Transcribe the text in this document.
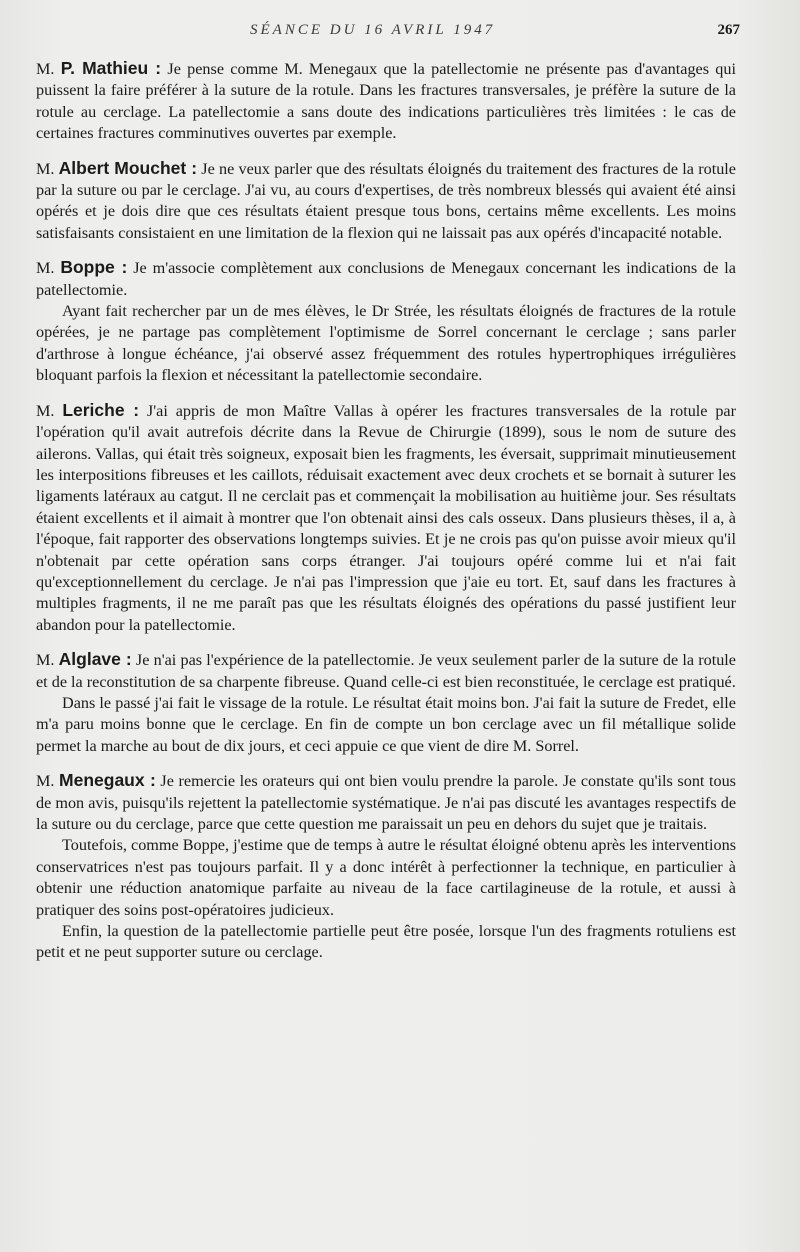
SÉANCE DU 16 AVRIL 1947	267

M. P. Mathieu : Je pense comme M. Menegaux que la patellectomie ne présente pas d'avantages qui puissent la faire préférer à la suture de la rotule. Dans les fractures transversales, je préfère la suture de la rotule au cerclage. La patellectomie a sans doute des indications particulières très limitées : le cas de certaines fractures comminutives ouvertes par exemple.

M. Albert Mouchet : Je ne veux parler que des résultats éloignés du traitement des fractures de la rotule par la suture ou par le cerclage. J'ai vu, au cours d'expertises, de très nombreux blessés qui avaient été ainsi opérés et je dois dire que ces résultats étaient presque tous bons, certains même excellents. Les moins satisfaisants consistaient en une limitation de la flexion qui ne laissait pas aux opérés d'incapacité notable.

M. Boppe : Je m'associe complètement aux conclusions de Menegaux concernant les indications de la patellectomie.

Ayant fait rechercher par un de mes élèves, le Dr Strée, les résultats éloignés de fractures de la rotule opérées, je ne partage pas complètement l'optimisme de Sorrel concernant le cerclage ; sans parler d'arthrose à longue échéance, j'ai observé assez fréquemment des rotules hypertrophiques irrégulières bloquant parfois la flexion et nécessitant la patellectomie secondaire.

M. Leriche : J'ai appris de mon Maître Vallas à opérer les fractures transversales de la rotule par l'opération qu'il avait autrefois décrite dans la Revue de Chirurgie (1899), sous le nom de suture des ailerons. Vallas, qui était très soigneux, exposait bien les fragments, les éversait, supprimait minutieusement les interpositions fibreuses et les caillots, réduisait exactement avec deux crochets et se bornait à suturer les ligaments latéraux au catgut. Il ne cerclait pas et commençait la mobilisation au huitième jour. Ses résultats étaient excellents et il aimait à montrer que l'on obtenait ainsi des cals osseux. Dans plusieurs thèses, il a, à l'époque, fait rapporter des observations longtemps suivies. Et je ne crois pas qu'on puisse avoir mieux qu'il n'obtenait par cette opération sans corps étranger. J'ai toujours opéré comme lui et n'ai fait qu'exceptionnellement du cerclage. Je n'ai pas l'impression que j'aie eu tort. Et, sauf dans les fractures à multiples fragments, il ne me paraît pas que les résultats éloignés des opérations du passé justifient leur abandon pour la patellectomie.

M. Alglave : Je n'ai pas l'expérience de la patellectomie. Je veux seulement parler de la suture de la rotule et de la reconstitution de sa charpente fibreuse. Quand celle-ci est bien reconstituée, le cerclage est pratiqué.

Dans le passé j'ai fait le vissage de la rotule. Le résultat était moins bon. J'ai fait la suture de Fredet, elle m'a paru moins bonne que le cerclage. En fin de compte un bon cerclage avec un fil métallique solide permet la marche au bout de dix jours, et ceci appuie ce que vient de dire M. Sorrel.

M. Menegaux : Je remercie les orateurs qui ont bien voulu prendre la parole. Je constate qu'ils sont tous de mon avis, puisqu'ils rejettent la patellectomie systématique. Je n'ai pas discuté les avantages respectifs de la suture ou du cerclage, parce que cette question me paraissait un peu en dehors du sujet que je traitais.

Toutefois, comme Boppe, j'estime que de temps à autre le résultat éloigné obtenu après les interventions conservatrices n'est pas toujours parfait. Il y a donc intérêt à perfectionner la technique, en particulier à obtenir une réduction anatomique parfaite au niveau de la face cartilagineuse de la rotule, et aussi à pratiquer des soins post-opératoires judicieux.

Enfin, la question de la patellectomie partielle peut être posée, lorsque l'un des fragments rotuliens est petit et ne peut supporter suture ou cerclage.
